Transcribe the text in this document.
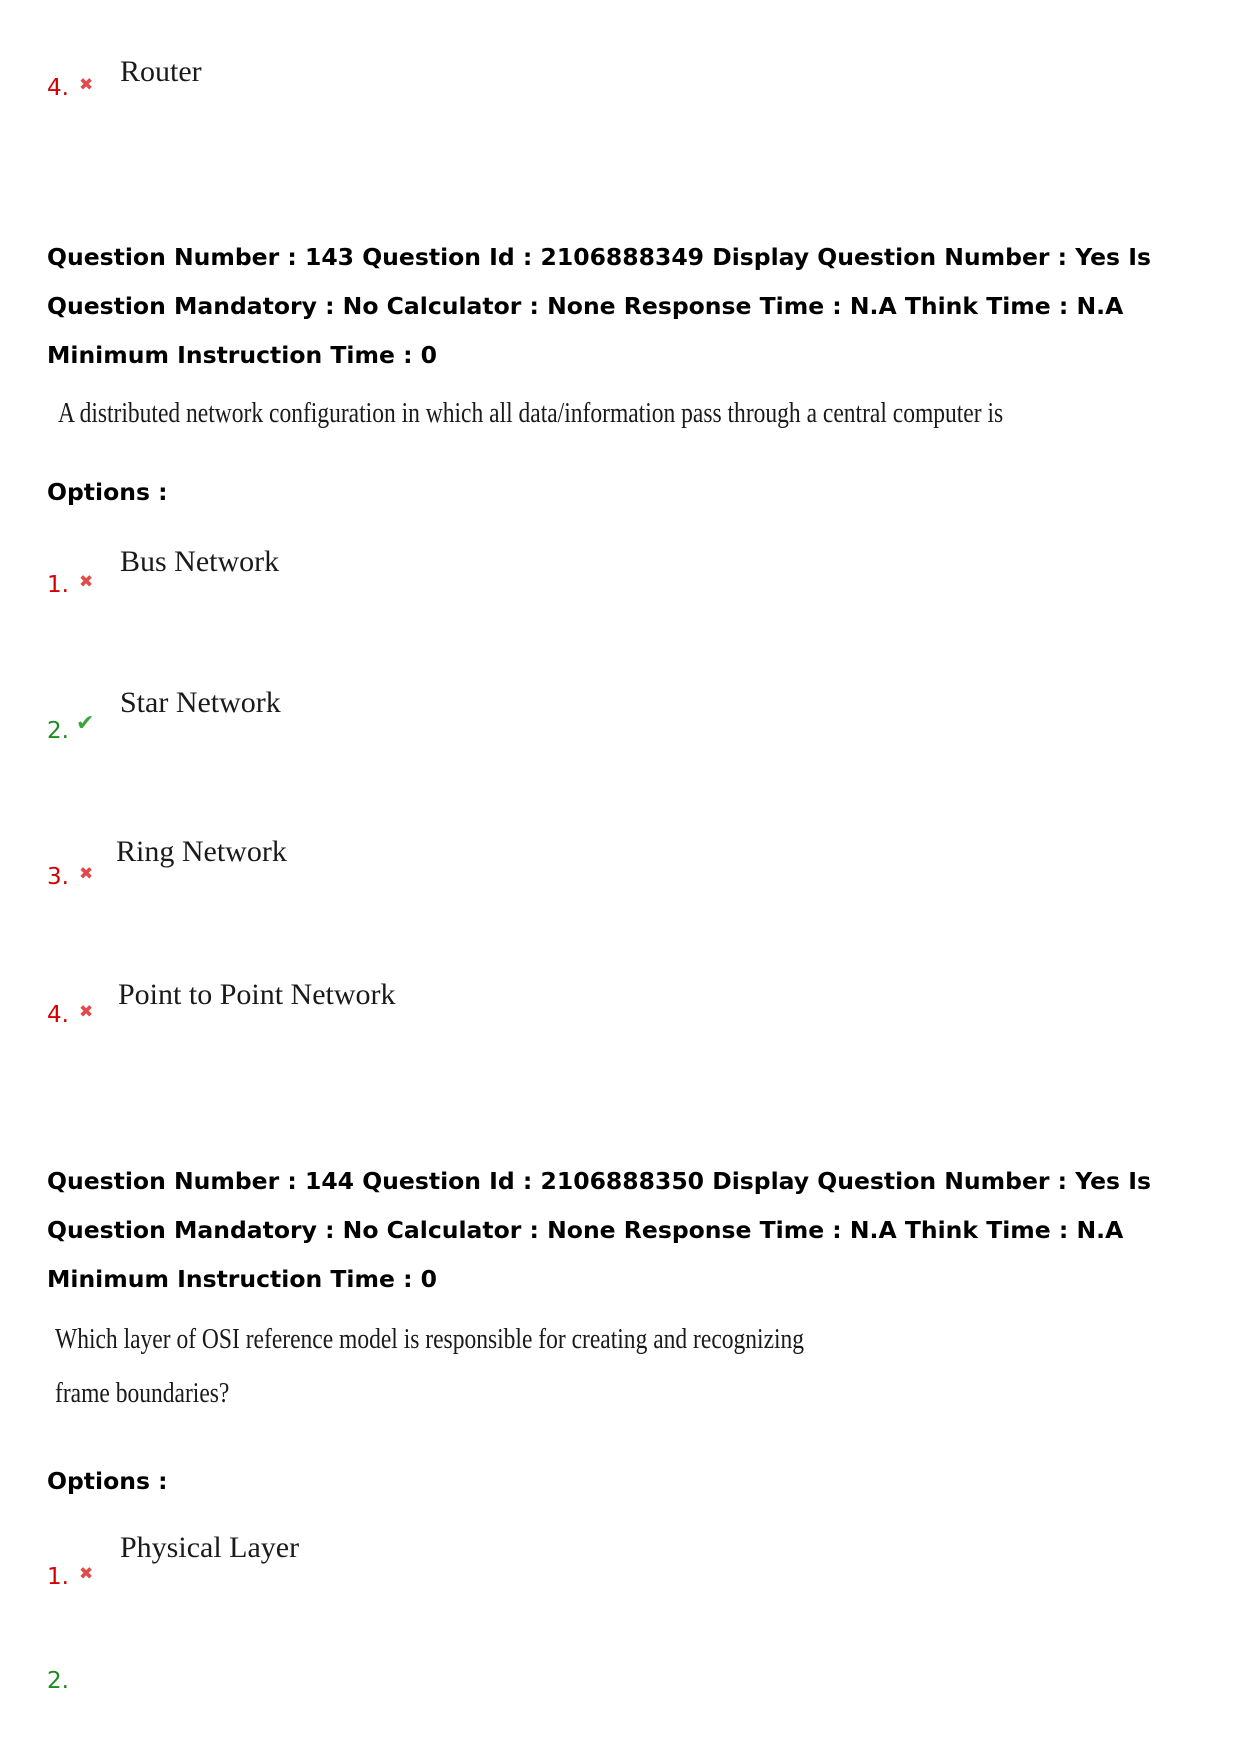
4. ✖ Router
Question Number : 143 Question Id : 2106888349 Display Question Number : Yes Is Question Mandatory : No Calculator : None Response Time : N.A Think Time : N.A Minimum Instruction Time : 0
A distributed network configuration in which all data/information pass through a central computer is
Options :
1. ✖
Bus Network
2. ✔
Star Network
3. ✖
Ring Network
4. ✖
Point to Point Network
Question Number : 144 Question Id : 2106888350 Display Question Number : Yes Is Question Mandatory : No Calculator : None Response Time : N.A Think Time : N.A Minimum Instruction Time : 0
Which layer of OSI reference model is responsible for creating and recognizing
frame boundaries?
Options :
1. ✖
Physical Layer
2.
